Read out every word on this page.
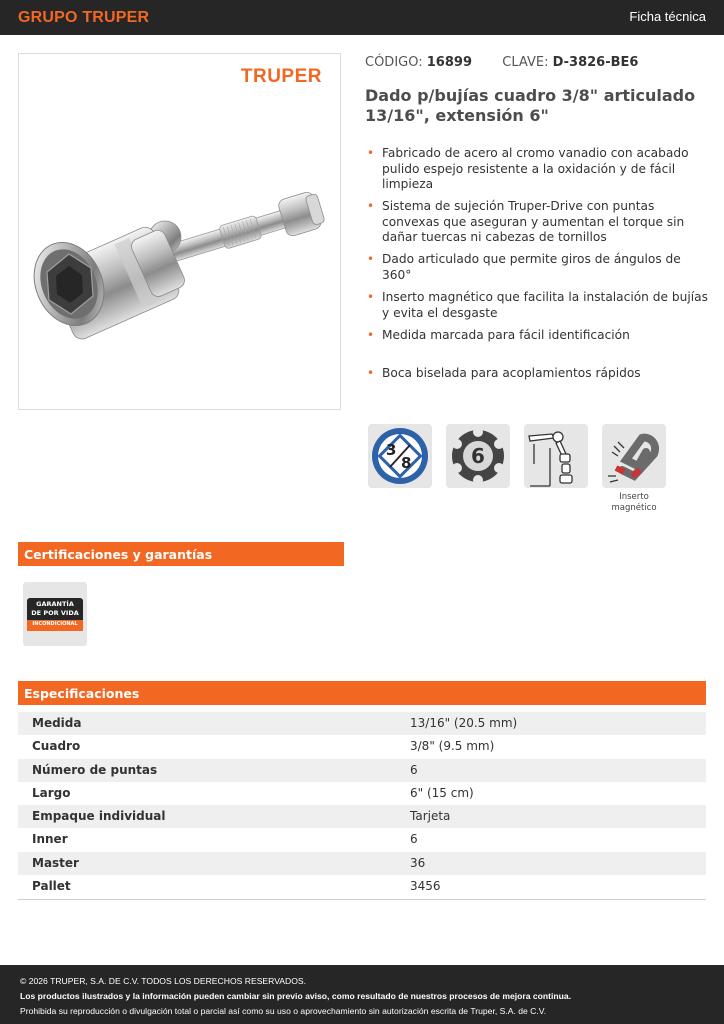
GRUPO TRUPER	Ficha técnica
TRUPER
CÓDIGO: 16899 CLAVE: D-3826-BE6
Dado p/bujías cuadro 3/8" articulado 13/16", extensión 6"
• Fabricado de acero al cromo vanadio con acabado pulido espejo resistente a la oxidación y de fácil limpieza
• Sistema de sujeción Truper-Drive con puntas convexas que aseguran y aumentan el torque sin dañar tuercas ni cabezas de tornillos
• Dado articulado que permite giros de ángulos de 360°
• Inserto magnético que facilita la instalación de bujías y evita el desgaste
• Medida marcada para fácil identificación
• Boca biselada para acoplamientos rápidos
3
8	6
Inserto
magnético
Certificaciones y garantías
GARANTÍA
DE POR VIDA
INCONDICIONAL
Especificaciones
Medida	13/16" (20.5 mm)
Cuadro	3/8" (9.5 mm)
Número de puntas	6
Largo	6" (15 cm)
Empaque individual	Tarjeta
Inner	6
Master	36
Pallet	3456
© 2026 TRUPER, S.A. DE C.V. TODOS LOS DERECHOS RESERVADOS.
Los productos ilustrados y la información pueden cambiar sin previo aviso, como resultado de nuestros procesos de mejora continua.
Prohibida su reproducción o divulgación total o parcial así como su uso o aprovechamiento sin autorización escrita de Truper, S.A. de C.V.
